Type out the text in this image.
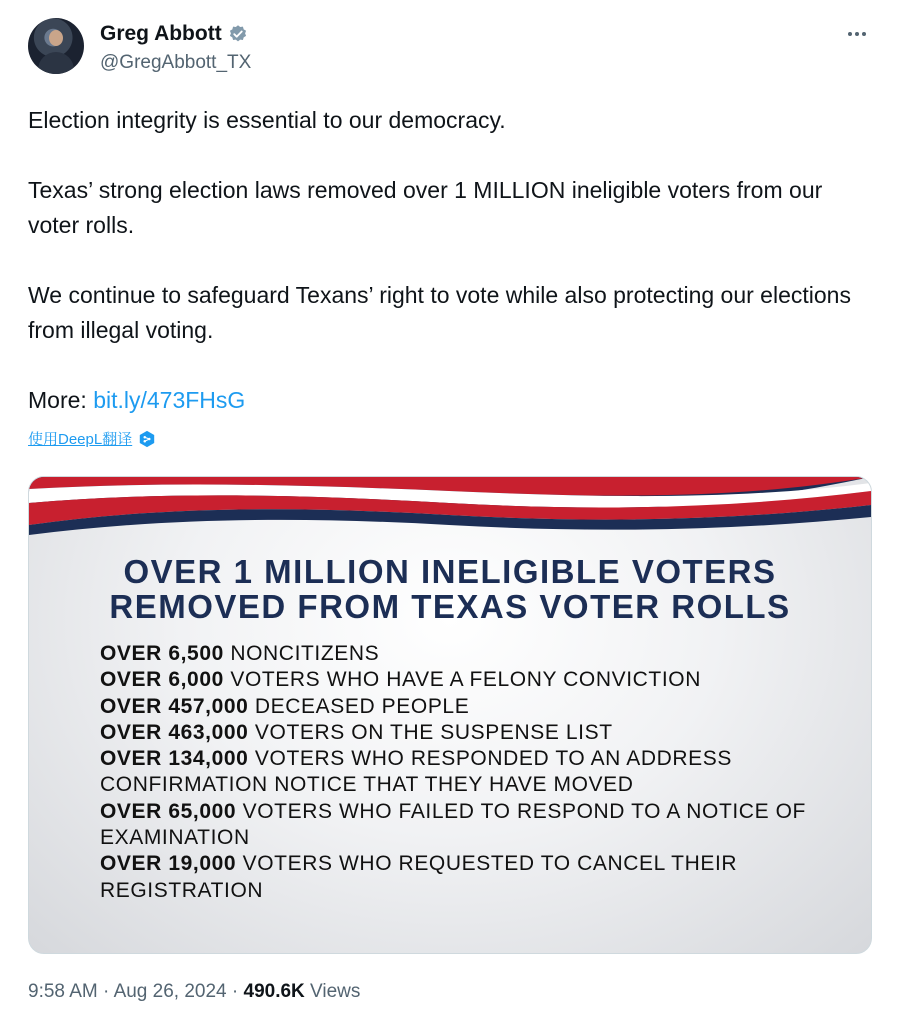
Greg Abbott
@GregAbbott_TX

Election integrity is essential to our democracy.

Texas’ strong election laws removed over 1 MILLION ineligible voters from our voter rolls.

We continue to safeguard Texans’ right to vote while also protecting our elections from illegal voting.

More: bit.ly/473FHsG

使用DeepL翻译
OVER 1 MILLION INELIGIBLE VOTERS
REMOVED FROM TEXAS VOTER ROLLS
OVER 6,500 NONCITIZENS
OVER 6,000 VOTERS WHO HAVE A FELONY CONVICTION
OVER 457,000 DECEASED PEOPLE
OVER 463,000 VOTERS ON THE SUSPENSE LIST
OVER 134,000 VOTERS WHO RESPONDED TO AN ADDRESS CONFIRMATION NOTICE THAT THEY HAVE MOVED
OVER 65,000 VOTERS WHO FAILED TO RESPOND TO A NOTICE OF EXAMINATION
OVER 19,000 VOTERS WHO REQUESTED TO CANCEL THEIR REGISTRATION
9:58 AM · Aug 26, 2024 · 490.6K Views
